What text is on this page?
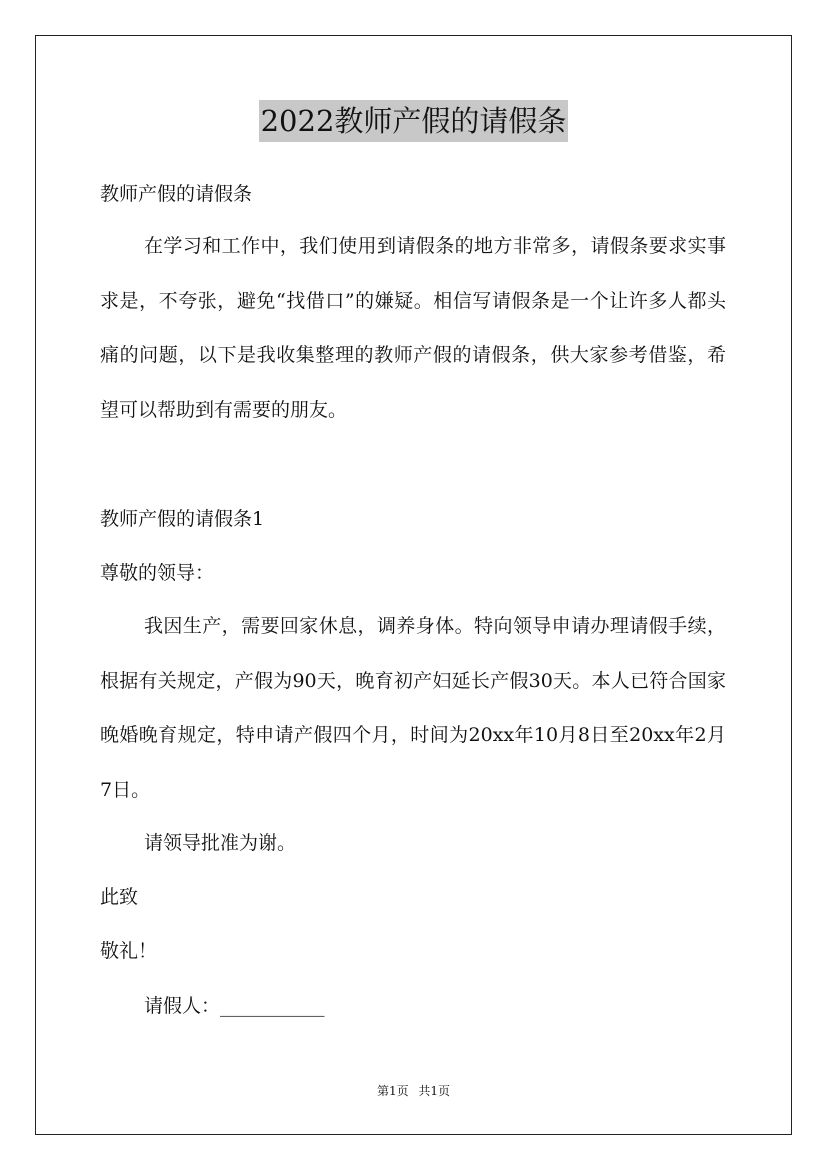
2022教师产假的请假条
教师产假的请假条

在学习和工作中，我们使用到请假条的地方非常多，请假条要求实事求是，不夸张，避免“找借口”的嫌疑。相信写请假条是一个让许多人都头痛的问题，以下是我收集整理的教师产假的请假条，供大家参考借鉴，希望可以帮助到有需要的朋友。

教师产假的请假条1
尊敬的领导：

我因生产，需要回家休息，调养身体。特向领导申请办理请假手续，根据有关规定，产假为90天，晚育初产妇延长产假30天。本人已符合国家晚婚晚育规定，特申请产假四个月，时间为20xx年10月8日至20xx年2月7日。

请领导批准为谢。
此致
敬礼！
请假人：___________
第1页 共1页
